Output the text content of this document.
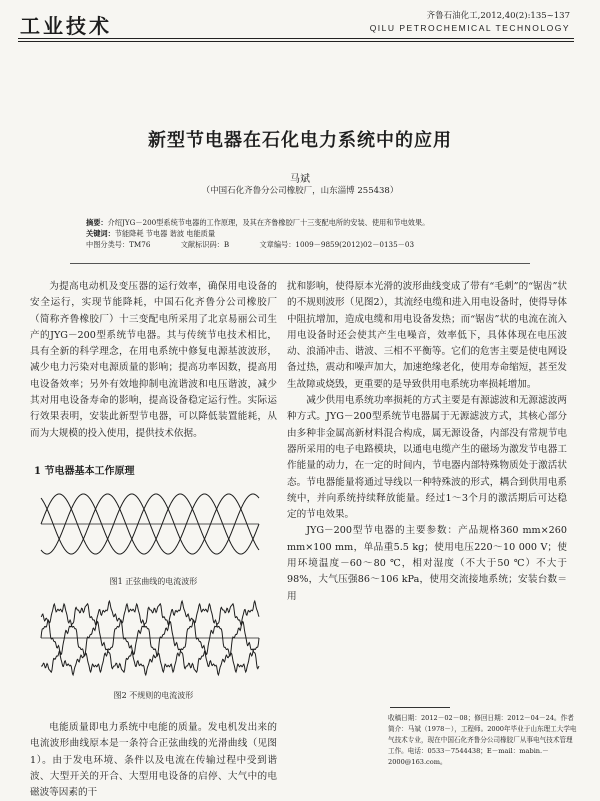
工业技术	齐鲁石油化工,2012,40(2):135~137
QILU PETROCHEMICAL TECHNOLOGY
新型节电器在石化电力系统中的应用
马斌
（中国石化齐鲁分公司橡胶厂，山东淄博 255438）
摘要：介绍JYG－200型系统节电器的工作原理，及其在齐鲁橡胶厂十三变配电所的安装、使用和节电效果。
关键词：节能降耗 节电器 谐波 电能质量
中图分类号：TM76	文献标识码：B	文章编号：1009－9859(2012)02－0135－03

为提高电动机及变压器的运行效率，确保用电设备的安全运行，实现节能降耗，中国石化齐鲁分公司橡胶厂（简称齐鲁橡胶厂）十三变配电所采用了北京易丽公司生产的JYG－200型系统节电器。其与传统节电技术相比，具有全新的科学理念，在用电系统中修复电源基波波形，减少电力污染对电源质量的影响；提高功率因数，提高用电设备效率；另外有效地抑制电流谐波和电压谐波，减少其对用电设备寿命的影响，提高设备稳定运行性。实际运行效果表明，安装此新型节电器，可以降低装置能耗，从而为大规模的投入使用，提供技术依据。

1 节电器基本工作原理
图1 正弦曲线的电流波形
图2 不规则的电流波形

电能质量即电力系统中电能的质量。发电机发出来的电流波形曲线原本是一条符合正弦曲线的光滑曲线（见图1）。由于发电环境、条件以及电流在传输过程中受到谐波、大型开关的开合、大型用电设备的启停、大气中的电磁波等因素的干

扰和影响，使得原本光滑的波形曲线变成了带有“毛刺”的“锯齿”状的不规则波形（见图2），其流经电缆和进入用电设备时，使得导体中阻抗增加，造成电缆和用电设备发热；而“锯齿”状的电流在流入用电设备时还会使其产生电噪音，效率低下，具体体现在电压波动、浪涌冲击、谐波、三相不平衡等。它们的危害主要是使电网设备过热，震动和噪声加大，加速绝缘老化，使用寿命缩短，甚至发生故障或烧毁，更重要的是导致供用电系统功率损耗增加。

减少供用电系统功率损耗的方式主要是有源滤波和无源滤波两种方式。JYG－200型系统节电器属于无源滤波方式，其核心部分由多种非金属高新材料混合构成，属无源设备，内部没有常规节电器所采用的电子电路模块，以通电电缆产生的磁场为激发节电器工作能量的动力，在一定的时间内，节电器内部特殊物质处于激活状态。节电器能量将通过导线以一种特殊波的形式，耦合到供用电系统中，并向系统持续释放能量。经过1～3个月的激活期后可达稳定的节电效果。

JYG－200型节电器的主要参数：产品规格360 mm×260 mm×100 mm，单品重5.5 kg；使用电压220～10 000 V；使用环境温度－60～80 ℃，相对湿度（不大于50 ℃）不大于98%，大气压强86～106 kPa，使用交流接地系统；安装台数＝用

收稿日期：2012－02－08；修回日期：2012－04－24。作者简介：马斌（1978－），工程师。2000年毕业于山东理工大学电气技术专业，现在中国石化齐鲁分公司橡胶厂从事电气技术管理工作。电话：0533－7544438；E－mail：mabin.－2000@163.com。
